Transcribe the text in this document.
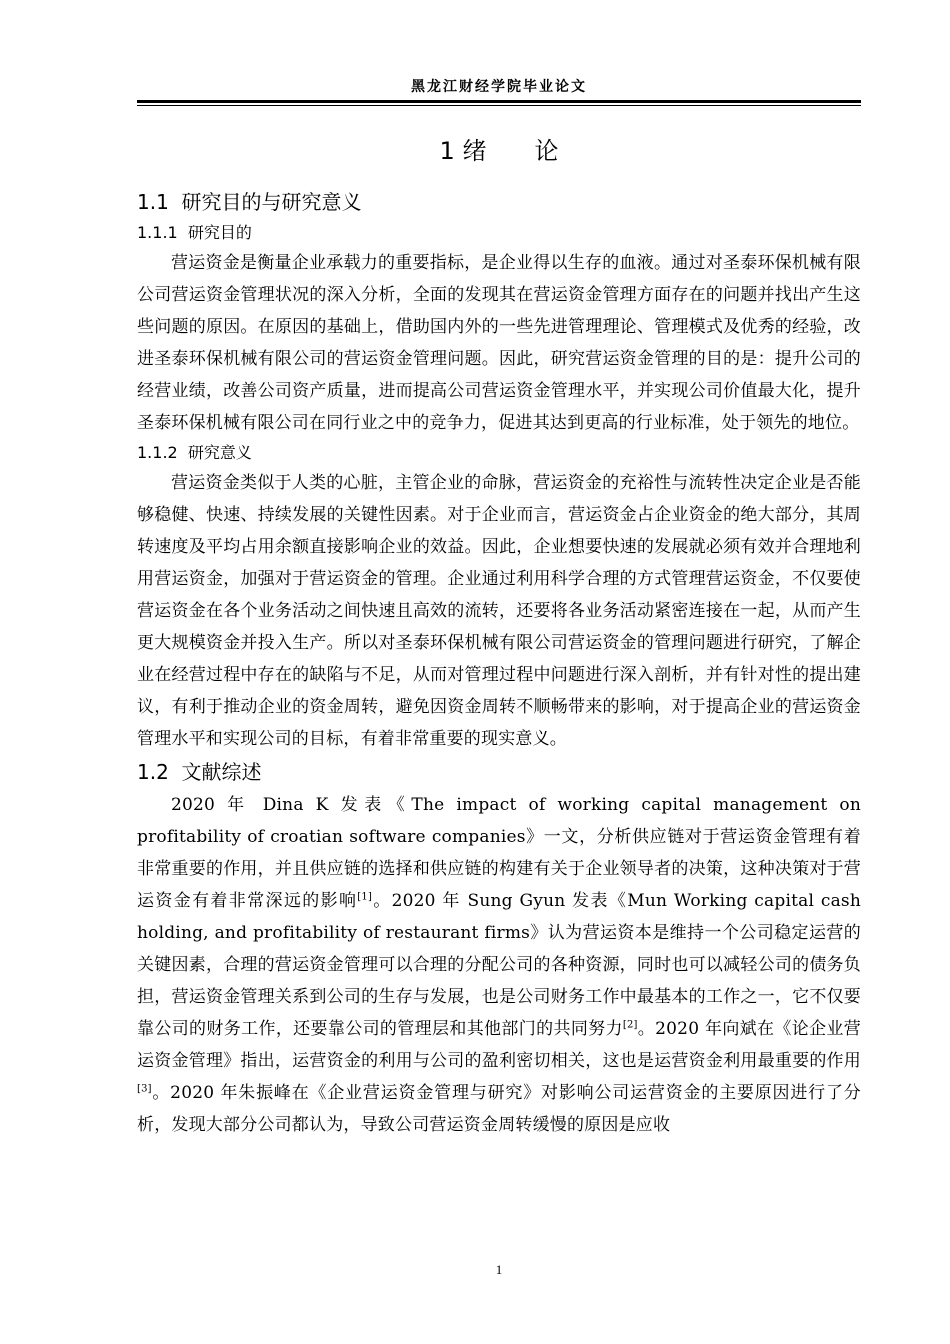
黑龙江财经学院毕业论文
1 绪　　论
1.1  研究目的与研究意义
1.1.1  研究目的

营运资金是衡量企业承载力的重要指标，是企业得以生存的血液。通过对圣泰环保机械有限公司营运资金管理状况的深入分析，全面的发现其在营运资金管理方面存在的问题并找出产生这些问题的原因。在原因的基础上，借助国内外的一些先进管理理论、管理模式及优秀的经验，改进圣泰环保机械有限公司的营运资金管理问题。因此，研究营运资金管理的目的是：提升公司的经营业绩，改善公司资产质量，进而提高公司营运资金管理水平，并实现公司价值最大化，提升圣泰环保机械有限公司在同行业之中的竞争力，促进其达到更高的行业标准，处于领先的地位。

1.1.2  研究意义

营运资金类似于人类的心脏，主管企业的命脉，营运资金的充裕性与流转性决定企业是否能够稳健、快速、持续发展的关键性因素。对于企业而言，营运资金占企业资金的绝大部分，其周转速度及平均占用余额直接影响企业的效益。因此，企业想要快速的发展就必须有效并合理地利用营运资金，加强对于营运资金的管理。企业通过利用科学合理的方式管理营运资金，不仅要使营运资金在各个业务活动之间快速且高效的流转，还要将各业务活动紧密连接在一起，从而产生更大规模资金并投入生产。所以对圣泰环保机械有限公司营运资金的管理问题进行研究，了解企业在经营过程中存在的缺陷与不足，从而对管理过程中问题进行深入剖析，并有针对性的提出建议，有利于推动企业的资金周转，避免因资金周转不顺畅带来的影响，对于提高企业的营运资金管理水平和实现公司的目标，有着非常重要的现实意义。

1.2  文献综述

2020 年 Dina K 发表《The impact of working capital management on profitability of croatian software companies》一文，分析供应链对于营运资金管理有着非常重要的作用，并且供应链的选择和供应链的构建有关于企业领导者的决策，这种决策对于营运资金有着非常深远的影响[1]。2020 年 Sung Gyun 发表《Mun Working capital cash holding, and profitability of restaurant firms》认为营运资本是维持一个公司稳定运营的关键因素，合理的营运资金管理可以合理的分配公司的各种资源，同时也可以减轻公司的债务负担，营运资金管理关系到公司的生存与发展，也是公司财务工作中最基本的工作之一，它不仅要靠公司的财务工作，还要靠公司的管理层和其他部门的共同努力[2]。2020 年向斌在《论企业营运资金管理》指出，运营资金的利用与公司的盈利密切相关，这也是运营资金利用最重要的作用[3]。2020 年朱振峰在《企业营运资金管理与研究》对影响公司运营资金的主要原因进行了分析，发现大部分公司都认为，导致公司营运资金周转缓慢的原因是应收

1
